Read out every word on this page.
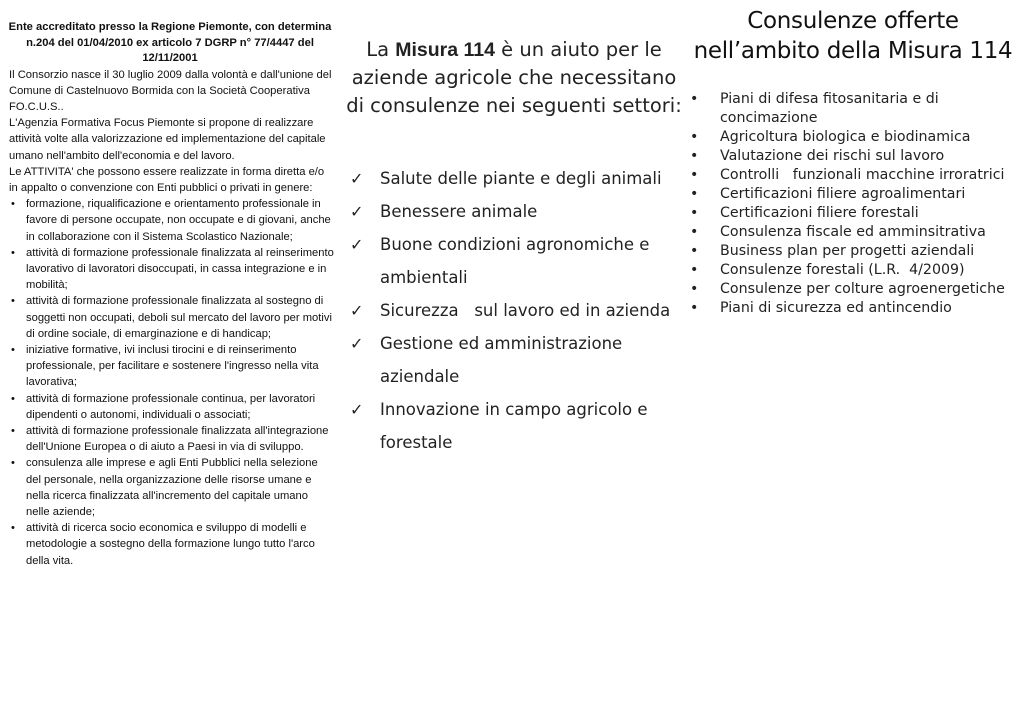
Ente accreditato presso la Regione Piemonte, con determina n.204 del 01/04/2010 ex articolo 7 DGRP n° 77/4447 del 12/11/2001

Il Consorzio nasce il 30 luglio 2009 dalla volontà e dall'unione del Comune di Castelnuovo Bormida con la Società Cooperativa FO.C.U.S..

L'Agenzia Formativa Focus Piemonte si propone di realizzare attività volte alla valorizzazione ed implementazione del capitale umano nell'ambito dell'economia e del lavoro.

Le ATTIVITA' che possono essere realizzate in forma diretta e/o in appalto o convenzione con Enti pubblici o privati in genere:

• formazione, riqualificazione e orientamento professionale in favore di persone occupate, non occupate e di giovani, anche in collaborazione con il Sistema Scolastico Nazionale;
• attività di formazione professionale finalizzata al reinserimento lavorativo di lavoratori disoccupati, in cassa integrazione e in mobilità;
• attività di formazione professionale finalizzata al sostegno di soggetti non occupati, deboli sul mercato del lavoro per motivi di ordine sociale, di emarginazione e di handicap;
• iniziative formative, ivi inclusi tirocini e di reinserimento professionale, per facilitare e sostenere l'ingresso nella vita lavorativa;
• attività di formazione professionale continua, per lavoratori dipendenti o autonomi, individuali o associati;
• attività di formazione professionale finalizzata all'integrazione dell'Unione Europea o di aiuto a Paesi in via di sviluppo.
• consulenza alle imprese e agli Enti Pubblici nella selezione del personale, nella organizzazione delle risorse umane e nella ricerca finalizzata all'incremento del capitale umano nelle aziende;
• attività di ricerca socio economica e sviluppo di modelli e metodologie a sostegno della formazione lungo tutto l'arco della vita.

La Misura 114 è un aiuto per le aziende agricole che necessitano di consulenze nei seguenti settori:

✓ Salute delle piante e degli animali
✓ Benessere animale
✓ Buone condizioni agronomiche e ambientali
✓ Sicurezza   sul lavoro ed in azienda
✓ Gestione ed amministrazione aziendale
✓ Innovazione in campo agricolo e forestale
Consulenze offerte nell’ambito della Misura 114
• Piani di difesa fitosanitaria e di concimazione
• Agricoltura biologica e biodinamica
• Valutazione dei rischi sul lavoro
• Controlli   funzionali macchine irroratrici
• Certificazioni filiere agroalimentari
• Certificazioni filiere forestali
• Consulenza fiscale ed amminsitrativa
• Business plan per progetti aziendali
• Consulenze forestali (L.R.  4/2009)
• Consulenze per colture agroenergetiche
• Piani di sicurezza ed antincendio
